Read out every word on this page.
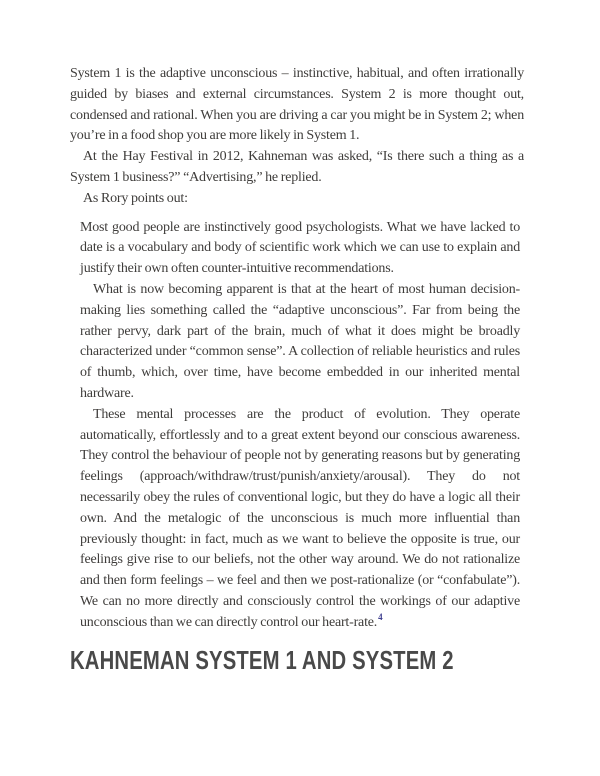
System 1 is the adaptive unconscious – instinctive, habitual, and often irrationally guided by biases and external circumstances. System 2 is more thought out, condensed and rational. When you are driving a car you might be in System 2; when you’re in a food shop you are more likely in System 1.

At the Hay Festival in 2012, Kahneman was asked, “Is there such a thing as a System 1 business?” “Advertising,” he replied.

As Rory points out:

Most good people are instinctively good psychologists. What we have lacked to date is a vocabulary and body of scientific work which we can use to explain and justify their own often counter-intuitive recommendations.

What is now becoming apparent is that at the heart of most human decision-making lies something called the “adaptive unconscious”. Far from being the rather pervy, dark part of the brain, much of what it does might be broadly characterized under “common sense”. A collection of reliable heuristics and rules of thumb, which, over time, have become embedded in our inherited mental hardware.

These mental processes are the product of evolution. They operate automatically, effortlessly and to a great extent beyond our conscious awareness. They control the behaviour of people not by generating reasons but by generating feelings (approach/withdraw/trust/punish/anxiety/arousal). They do not necessarily obey the rules of conventional logic, but they do have a logic all their own. And the metalogic of the unconscious is much more influential than previously thought: in fact, much as we want to believe the opposite is true, our feelings give rise to our beliefs, not the other way around. We do not rationalize and then form feelings – we feel and then we post-rationalize (or “confabulate”). We can no more directly and consciously control the workings of our adaptive unconscious than we can directly control our heart-rate.$^4$

KAHNEMAN SYSTEM 1 AND SYSTEM 2
